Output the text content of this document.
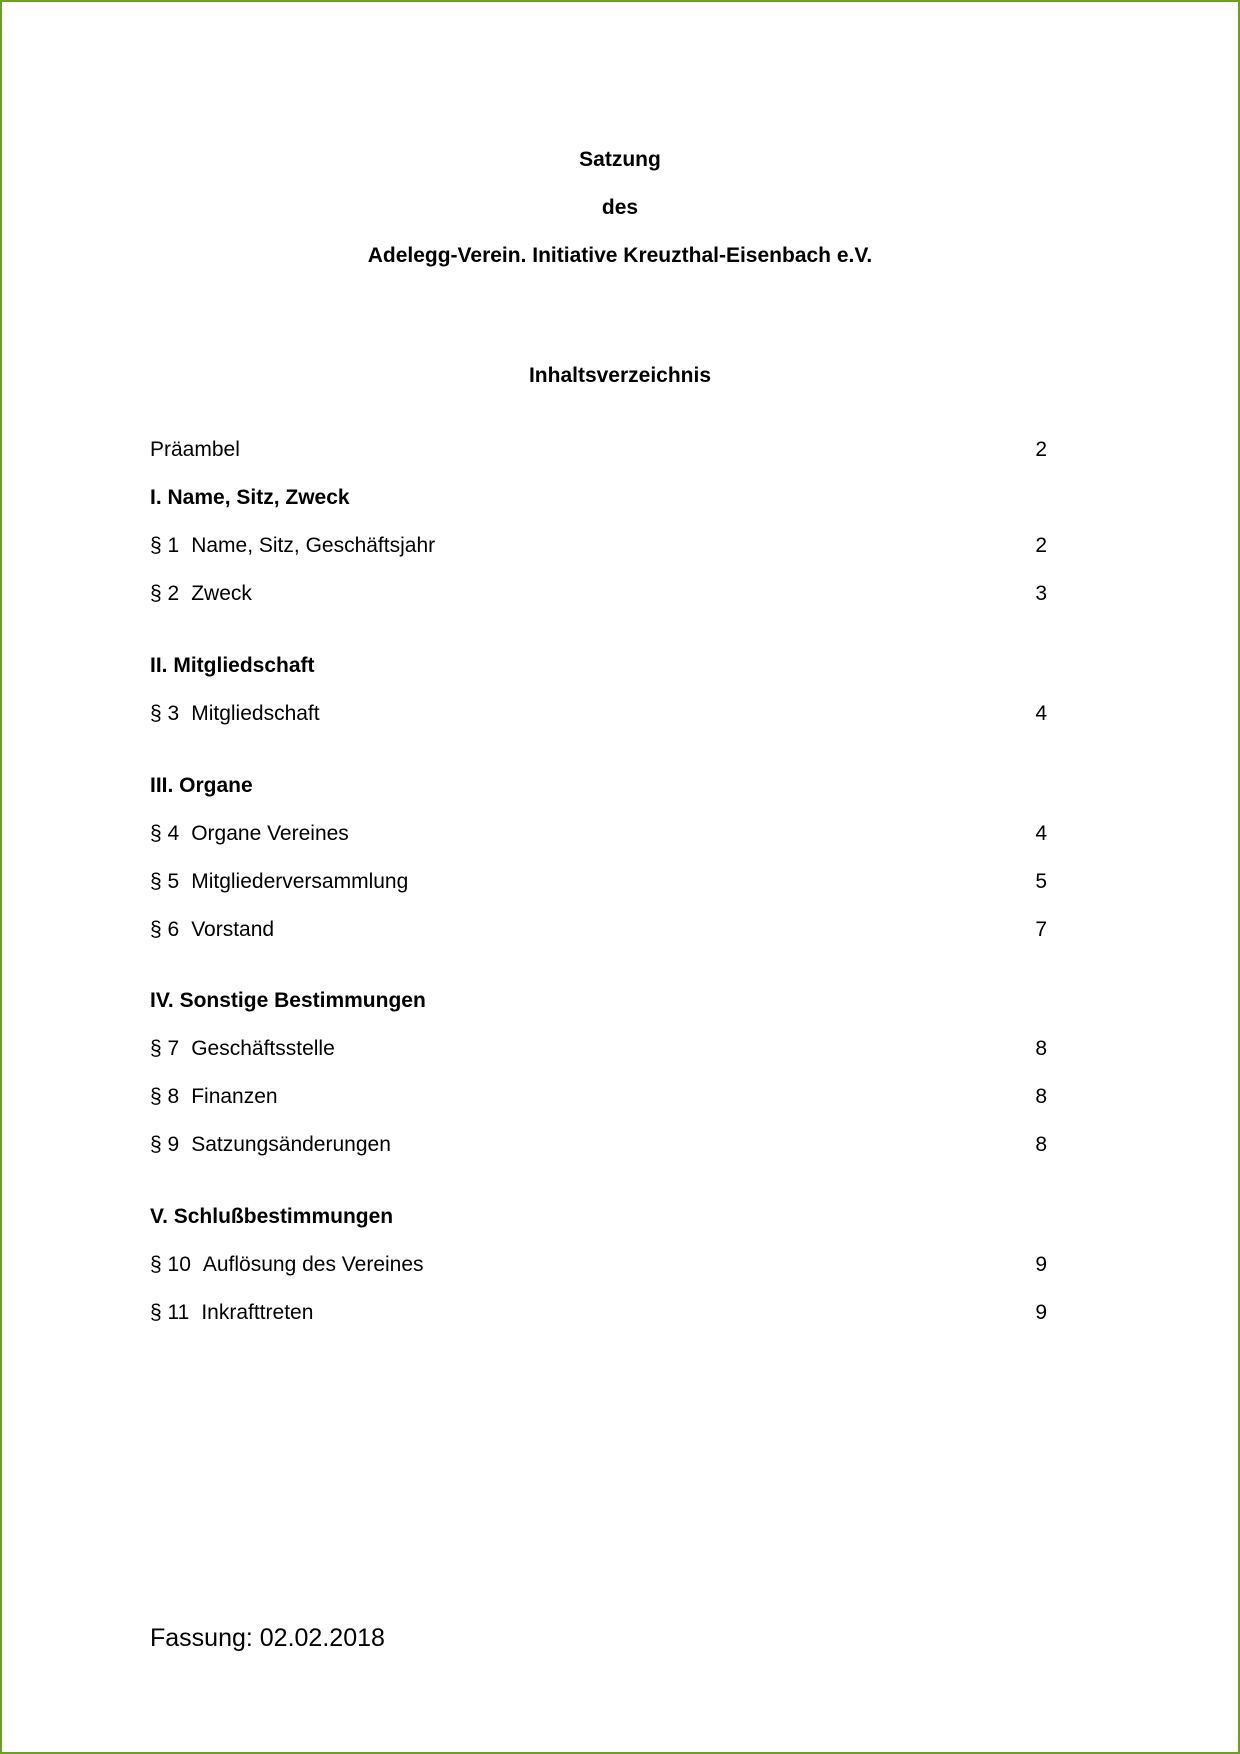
Satzung
des
Adelegg-Verein. Initiative Kreuzthal-Eisenbach e.V.
Inhaltsverzeichnis
Präambel	2
I. Name, Sitz, Zweck
§ 1 Name, Sitz, Geschäftsjahr	2
§ 2 Zweck	3
II. Mitgliedschaft
§ 3 Mitgliedschaft	4
III. Organe
§ 4 Organe Vereines	4
§ 5 Mitgliederversammlung	5
§ 6 Vorstand	7
IV. Sonstige Bestimmungen
§ 7 Geschäftsstelle	8
§ 8 Finanzen	8
§ 9 Satzungsänderungen	8
V. Schlußbestimmungen
§ 10 Auflösung des Vereines	9
§ 11 Inkrafttreten	9
Fassung: 02.02.2018
